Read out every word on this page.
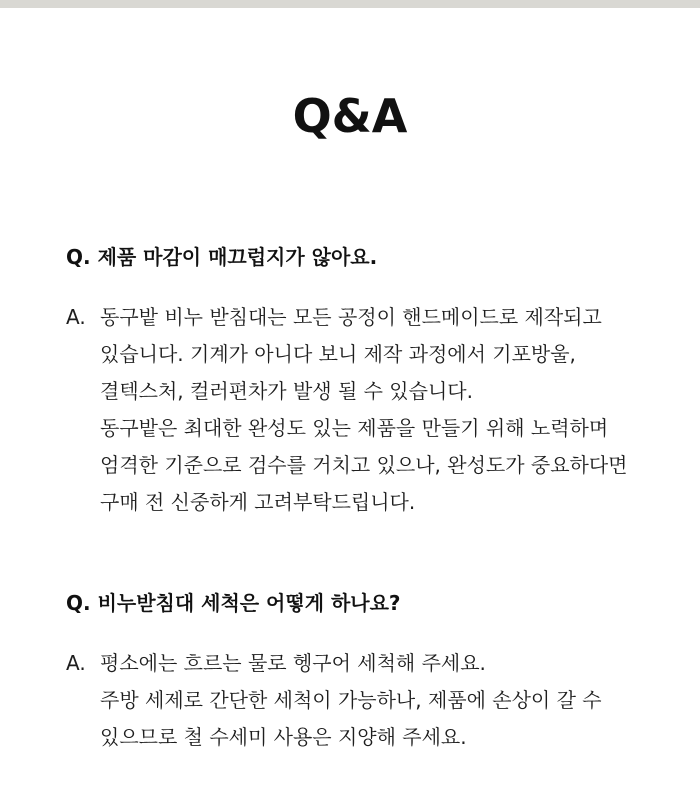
Q&A
Q. 제품 마감이 매끄럽지가 않아요.
A. 동구밭 비누 받침대는 모든 공정이 핸드메이드로 제작되고
있습니다. 기계가 아니다 보니 제작 과정에서 기포방울,
결텍스처, 컬러편차가 발생 될 수 있습니다.
동구밭은 최대한 완성도 있는 제품을 만들기 위해 노력하며
엄격한 기준으로 검수를 거치고 있으나, 완성도가 중요하다면
구매 전 신중하게 고려부탁드립니다.
Q. 비누받침대 세척은 어떻게 하나요?
A. 평소에는 흐르는 물로 헹구어 세척해 주세요.
주방 세제로 간단한 세척이 가능하나, 제품에 손상이 갈 수
있으므로 철 수세미 사용은 지양해 주세요.
